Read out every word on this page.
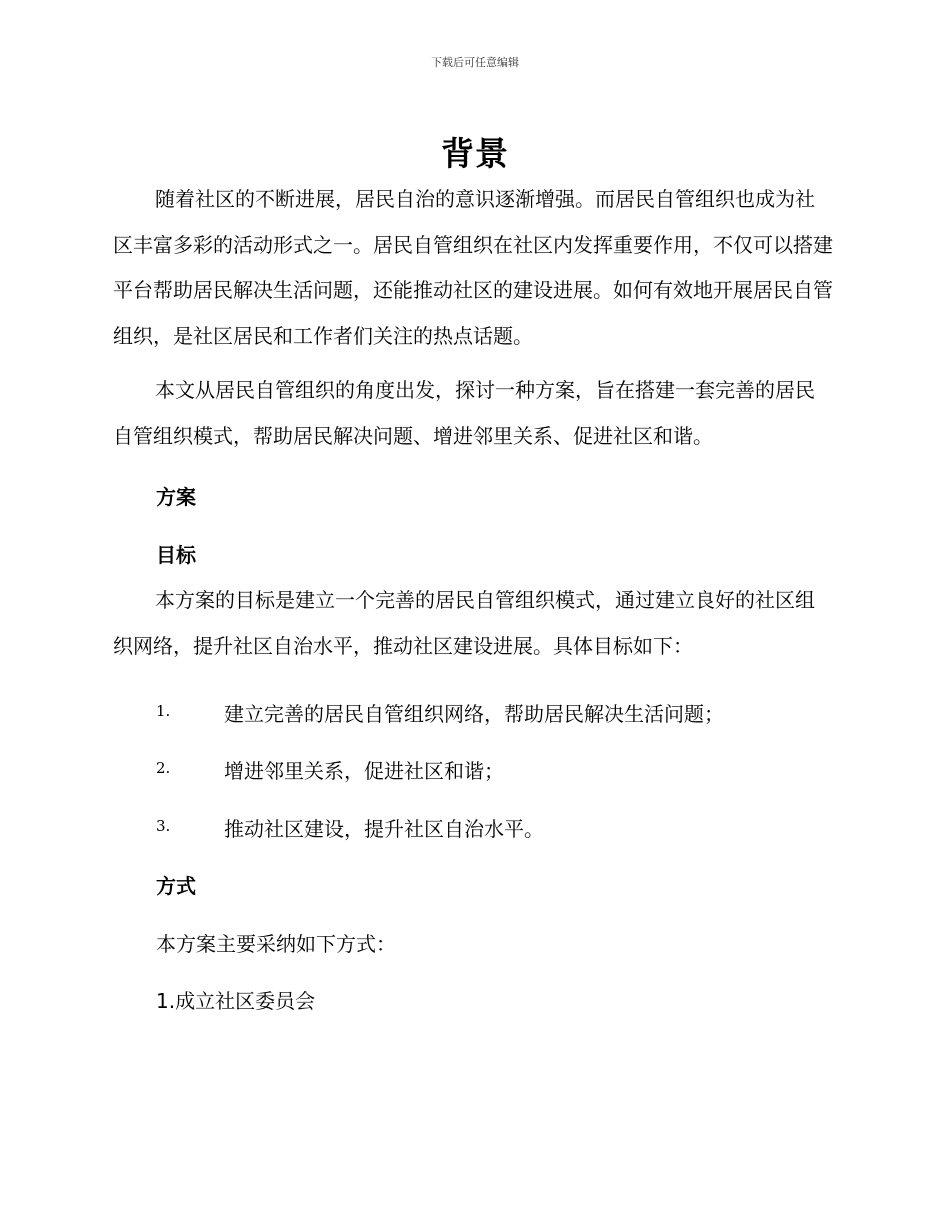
下载后可任意编辑
背景

随着社区的不断进展，居民自治的意识逐渐增强。而居民自管组织也成为社区丰富多彩的活动形式之一。居民自管组织在社区内发挥重要作用，不仅可以搭建平台帮助居民解决生活问题，还能推动社区的建设进展。如何有效地开展居民自管组织，是社区居民和工作者们关注的热点话题。

本文从居民自管组织的角度出发，探讨一种方案，旨在搭建一套完善的居民自管组织模式，帮助居民解决问题、增进邻里关系、促进社区和谐。

方案

目标

本方案的目标是建立一个完善的居民自管组织模式，通过建立良好的社区组织网络，提升社区自治水平，推动社区建设进展。具体目标如下：

1.	建立完善的居民自管组织网络，帮助居民解决生活问题；
2.	增进邻里关系，促进社区和谐；
3.	推动社区建设，提升社区自治水平。

方式

本方案主要采纳如下方式：

1.成立社区委员会
